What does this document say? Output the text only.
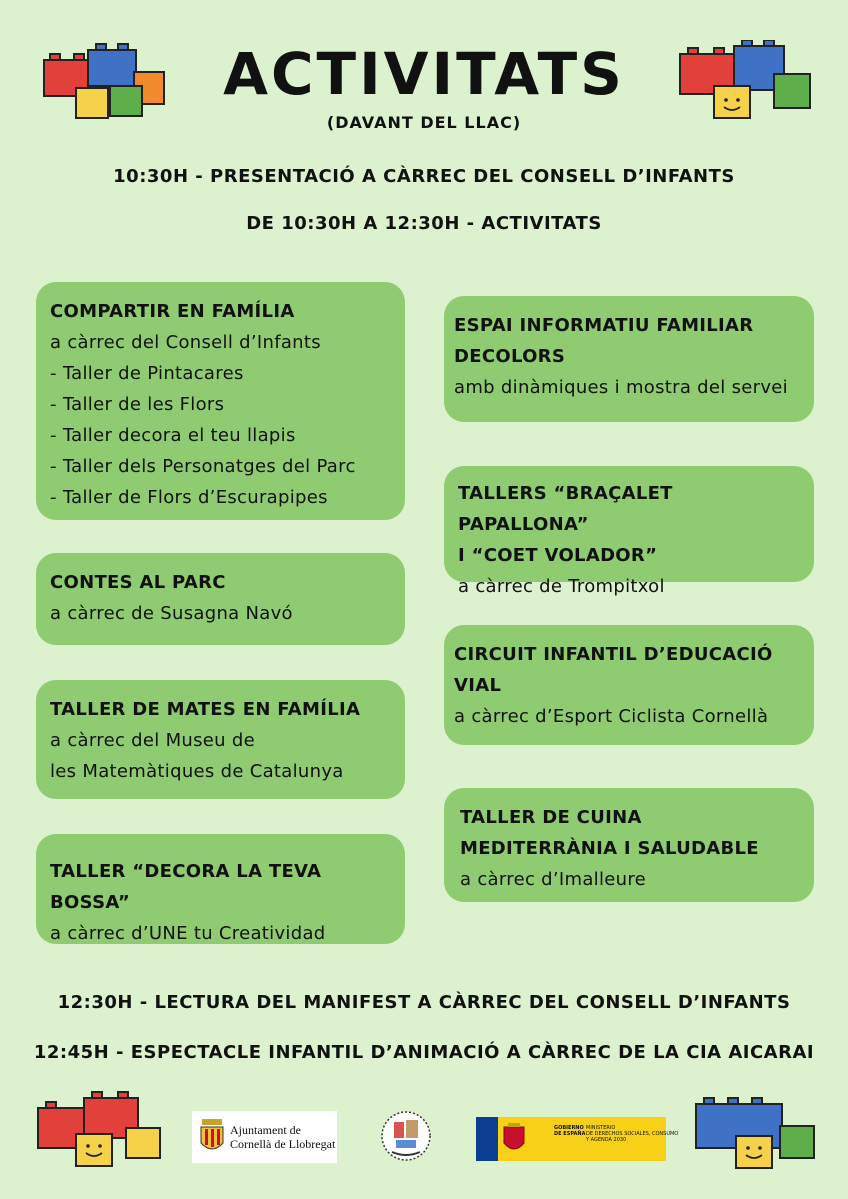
ACTIVITATS
(DAVANT DEL LLAC)
10:30H - PRESENTACIÓ A CÀRREC DEL CONSELL D’INFANTS
DE 10:30H A 12:30H - ACTIVITATS
COMPARTIR EN FAMÍLIA
a càrrec del Consell d’Infants
- Taller de Pintacares
- Taller de les Flors
- Taller decora el teu llapis
- Taller dels Personatges del Parc
- Taller de Flors d’Escurapipes
CONTES AL PARC
a càrrec de Susagna Navó
TALLER DE MATES EN FAMÍLIA
a càrrec del Museu de
les Matemàtiques de Catalunya
TALLER “DECORA LA TEVA BOSSA”
a càrrec d’UNE tu Creatividad
ESPAI INFORMATIU FAMILIAR
DECOLORS
amb dinàmiques i mostra del servei
TALLERS “BRAÇALET PAPALLONA”
I “COET VOLADOR”
a càrrec de Trompitxol
CIRCUIT INFANTIL D’EDUCACIÓ
VIAL
a càrrec d’Esport Ciclista Cornellà
TALLER DE CUINA
MEDITERRÀNIA I SALUDABLE
a càrrec d’Imalleure
12:30H - LECTURA DEL MANIFEST A CÀRREC DEL CONSELL D’INFANTS
12:45H - ESPECTACLE INFANTIL D’ANIMACIÓ A CÀRREC DE LA CIA AICARAI
Ajuntament de
Cornellà de Llobregat
GOBIERNO
DE ESPAÑA
MINISTERIO
DE DERECHOS SOCIALES, CONSUMO
Y AGENDA 2030
